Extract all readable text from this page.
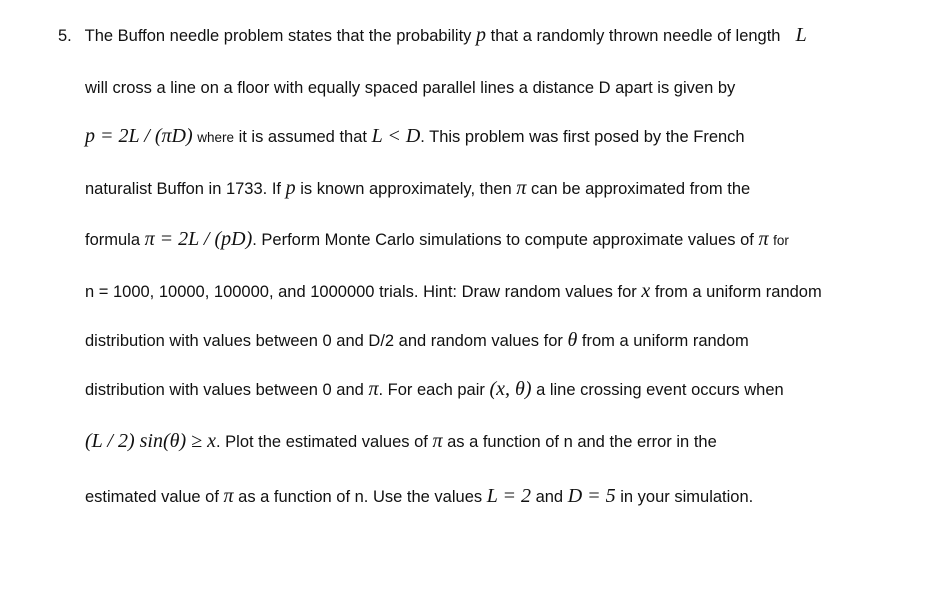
5. The Buffon needle problem states that the probability p that a randomly thrown needle of length L
will cross a line on a floor with equally spaced parallel lines a distance D apart is given by
p = 2L / (πD) where it is assumed that L < D. This problem was first posed by the French
naturalist Buffon in 1733. If p is known approximately, then π can be approximated from the
formula π = 2L / (pD). Perform Monte Carlo simulations to compute approximate values of π for
n = 1000, 10000, 100000, and 1000000 trials. Hint: Draw random values for x from a uniform random
distribution with values between 0 and D/2 and random values for θ from a uniform random
distribution with values between 0 and π. For each pair (x, θ) a line crossing event occurs when
(L / 2) sin(θ) ≥ x. Plot the estimated values of π as a function of n and the error in the
estimated value of π as a function of n. Use the values L = 2 and D = 5 in your simulation.
